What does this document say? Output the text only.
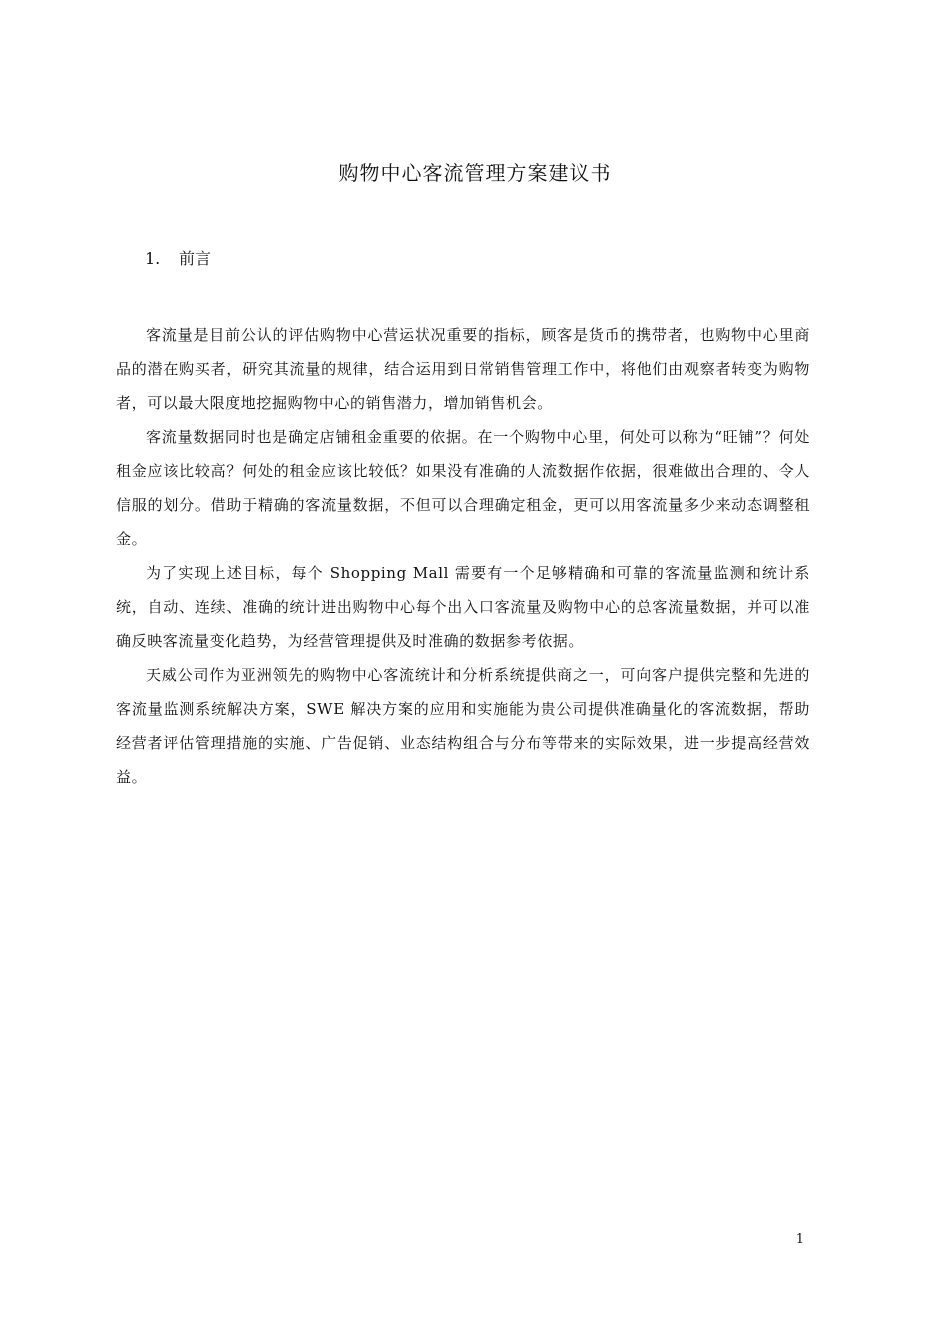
购物中心客流管理方案建议书
1. 前言

客流量是目前公认的评估购物中心营运状况重要的指标，顾客是货币的携带者，也购物中心里商品的潜在购买者，研究其流量的规律，结合运用到日常销售管理工作中，将他们由观察者转变为购物者，可以最大限度地挖掘购物中心的销售潜力，增加销售机会。

客流量数据同时也是确定店铺租金重要的依据。在一个购物中心里，何处可以称为“旺铺”？何处租金应该比较高？何处的租金应该比较低？如果没有准确的人流数据作依据，很难做出合理的、令人信服的划分。借助于精确的客流量数据，不但可以合理确定租金，更可以用客流量多少来动态调整租金。

为了实现上述目标，每个 Shopping Mall 需要有一个足够精确和可靠的客流量监测和统计系统，自动、连续、准确的统计进出购物中心每个出入口客流量及购物中心的总客流量数据，并可以准确反映客流量变化趋势，为经营管理提供及时准确的数据参考依据。

天威公司作为亚洲领先的购物中心客流统计和分析系统提供商之一，可向客户提供完整和先进的客流量监测系统解决方案，SWE 解决方案的应用和实施能为贵公司提供准确量化的客流数据，帮助经营者评估管理措施的实施、广告促销、业态结构组合与分布等带来的实际效果，进一步提高经营效益。

1
